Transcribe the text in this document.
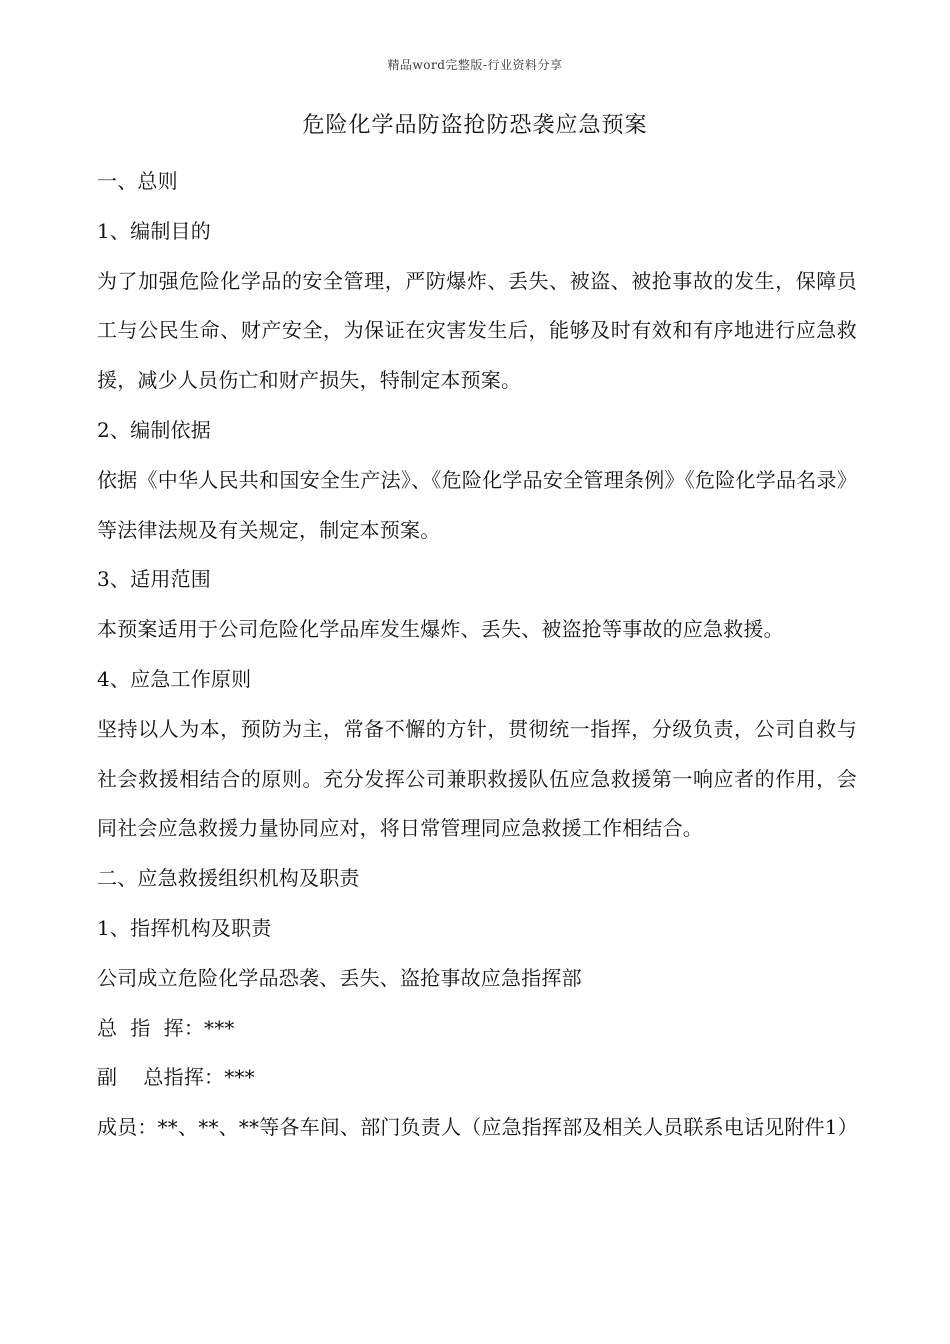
精品word完整版-行业资料分享
危险化学品防盗抢防恐袭应急预案

一、总则

1、编制目的

为了加强危险化学品的安全管理，严防爆炸、丢失、被盗、被抢事故的发生，保障员工与公民生命、财产安全，为保证在灾害发生后，能够及时有效和有序地进行应急救援，减少人员伤亡和财产损失，特制定本预案。

2、编制依据

依据《中华人民共和国安全生产法》、《危险化学品安全管理条例》《危险化学品名录》等法律法规及有关规定，制定本预案。

3、适用范围

本预案适用于公司危险化学品库发生爆炸、丢失、被盗抢等事故的应急救援。

4、应急工作原则

坚持以人为本，预防为主，常备不懈的方针，贯彻统一指挥，分级负责，公司自救与社会救援相结合的原则。充分发挥公司兼职救援队伍应急救援第一响应者的作用，会同社会应急救援力量协同应对，将日常管理同应急救援工作相结合。

二、应急救援组织机构及职责

1、指挥机构及职责

公司成立危险化学品恐袭、丢失、盗抢事故应急指挥部

总  指  挥：***

副    总指挥：***

成员：**、**、**等各车间、部门负责人（应急指挥部及相关人员联系电话见附件1）
